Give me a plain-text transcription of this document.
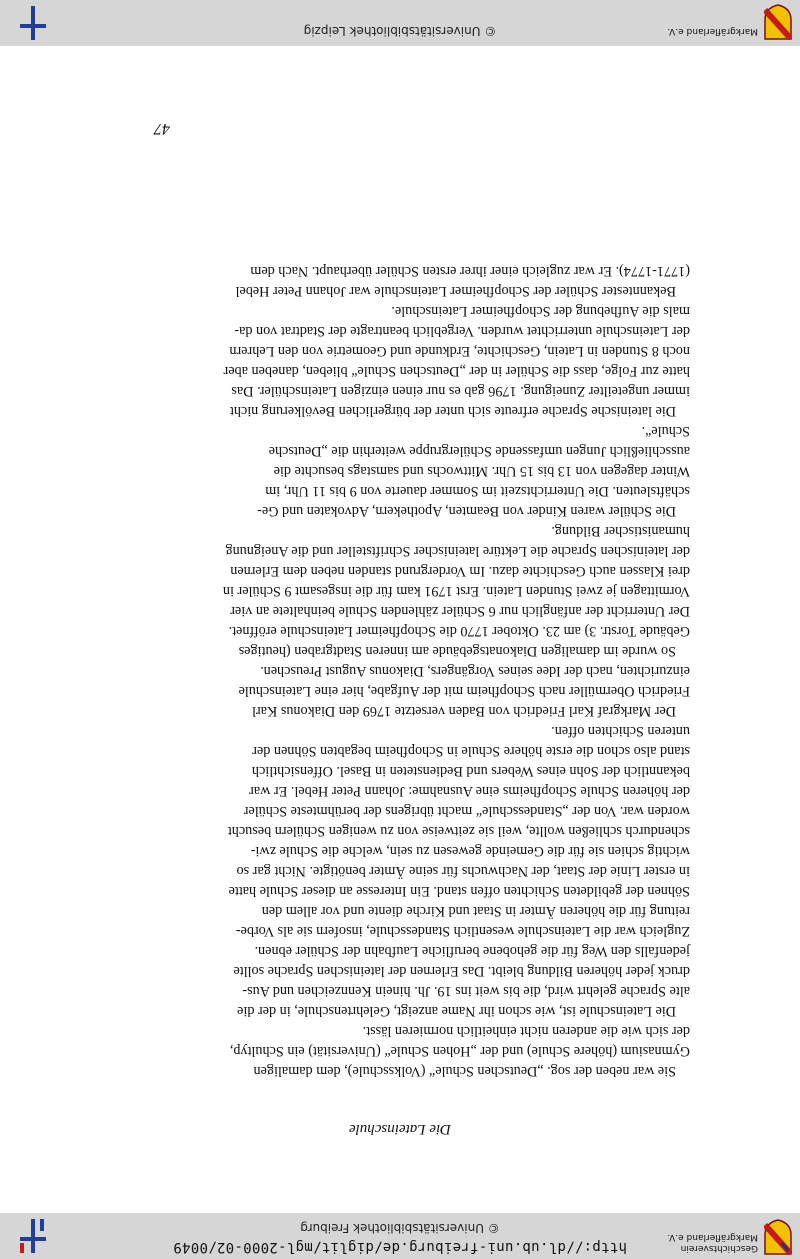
Geschichtsverein
Markgräflerland e.V.
http://dl.ub.uni-freiburg.de/diglit/mgl-2000-02/0049
© Universitätsbibliothek Freiburg
Die Lateinschule
Sie war neben der sog. „Deutschen Schule“ (Volksschule), dem damaligen
Gymnasium (höhere Schule) und der „Hohen Schule“ (Universität) ein Schultyp,
der sich wie die anderen nicht einheitlich normieren lässt.
Die Lateinschule ist, wie schon ihr Name anzeigt, Gelehrtenschule, in der die
alte Sprache gelehrt wird, die bis weit ins 19. Jh. hinein Kennzeichen und Aus-
druck jeder höheren Bildung bleibt. Das Erlernen der lateinischen Sprache sollte
jedenfalls den Weg für die gehobene berufliche Laufbahn der Schüler ebnen.
Zugleich war die Lateinschule wesentlich Standesschule, insofern sie als Vorbe-
reitung für die höheren Ämter in Staat und Kirche diente und vor allem den
Söhnen der gebildeten Schichten offen stand. Ein Interesse an dieser Schule hatte
in erster Linie der Staat, der Nachwuchs für seine Ämter benötigte. Nicht gar so
wichtig schien sie für die Gemeinde gewesen zu sein, welche die Schule zwi-
schendurch schließen wollte, weil sie zeitweise von zu wenigen Schülern besucht
worden war. Von der „Standesschule“ macht übrigens der berühmteste Schüler
der höheren Schule Schopfheims eine Ausnahme: Johann Peter Hebel. Er war
bekanntlich der Sohn eines Webers und Bediensteten in Basel. Offensichtlich
stand also schon die erste höhere Schule in Schopfheim begabten Söhnen der
unteren Schichten offen.
Der Markgraf Karl Friedrich von Baden versetzte 1769 den Diakonus Karl
Friedrich Obermüller nach Schopfheim mit der Aufgabe, hier eine Lateinschule
einzurichten, nach der Idee seines Vorgängers, Diakonus August Preuschen.
So wurde im damaligen Diakonatsgebäude am inneren Stadtgraben (heutiges
Gebäude Torstr. 3) am 23. Oktober 1770 die Schopfheimer Lateinschule eröffnet.
Der Unterricht der anfänglich nur 6 Schüler zählenden Schule beinhaltete an vier
Vormittagen je zwei Stunden Latein. Erst 1791 kam für die insgesamt 9 Schüler in
drei Klassen auch Geschichte dazu. Im Vordergrund standen neben dem Erlernen
der lateinischen Sprache die Lektüre lateinischer Schriftsteller und die Aneignung
humanistischer Bildung.
Die Schüler waren Kinder von Beamten, Apothekern, Advokaten und Ge-
schäftsleuten. Die Unterrichtszeit im Sommer dauerte von 9 bis 11 Uhr, im
Winter dagegen von 13 bis 15 Uhr. Mittwochs und samstags besuchte die
ausschließlich Jungen umfassende Schülergruppe weiterhin die „Deutsche
Schule“.
Die lateinische Sprache erfreute sich unter der bürgerlichen Bevölkerung nicht
immer ungeteilter Zuneigung. 1796 gab es nur einen einzigen Lateinschüler. Das
hatte zur Folge, dass die Schüler in der „Deutschen Schule“ blieben, daneben aber
noch 8 Stunden in Latein, Geschichte, Erdkunde und Geometrie von den Lehrern
der Lateinschule unterrichtet wurden. Vergeblich beantragte der Stadtrat von da-
mals die Aufhebung der Schopfheimer Lateinschule.
Bekanntester Schüler der Schopfheimer Lateinschule war Johann Peter Hebel
(1771-1774). Er war zugleich einer ihrer ersten Schüler überhaupt. Nach dem
47
Markgräflerland e.V.
© Universitätsbibliothek Leipzig
